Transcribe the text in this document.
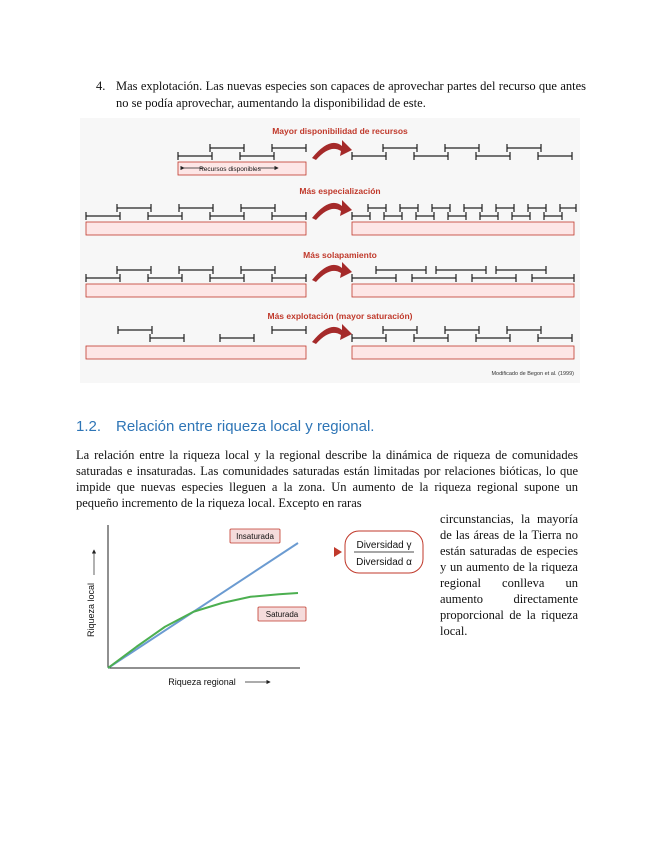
4. Mas explotación. Las nuevas especies son capaces de aprovechar partes del recurso que antes no se podía aprovechar, aumentando la disponibilidad de este.
Mayor disponibilidad de recursos
Más especialización
Más solapamiento
Más explotación (mayor saturación)
Recursos disponibles
Modificado de Begon et al. (1999)
1.2. Relación entre riqueza local y regional.
La relación entre la riqueza local y la regional describe la dinámica de riqueza de comunidades saturadas e insaturadas. Las comunidades saturadas están limitadas por relaciones bióticas, lo que impide que nuevas especies lleguen a la zona. Un aumento de la riqueza regional supone un pequeño incremento de la riqueza local. Excepto en raras
circunstancias, la mayoría de las áreas de la Tierra no están saturadas de especies y un aumento de la riqueza regional conlleva un aumento directamente proporcional de la riqueza local.
Riqueza local
Riqueza regional
Insaturada
Saturada
Diversidad γ
Diversidad α
